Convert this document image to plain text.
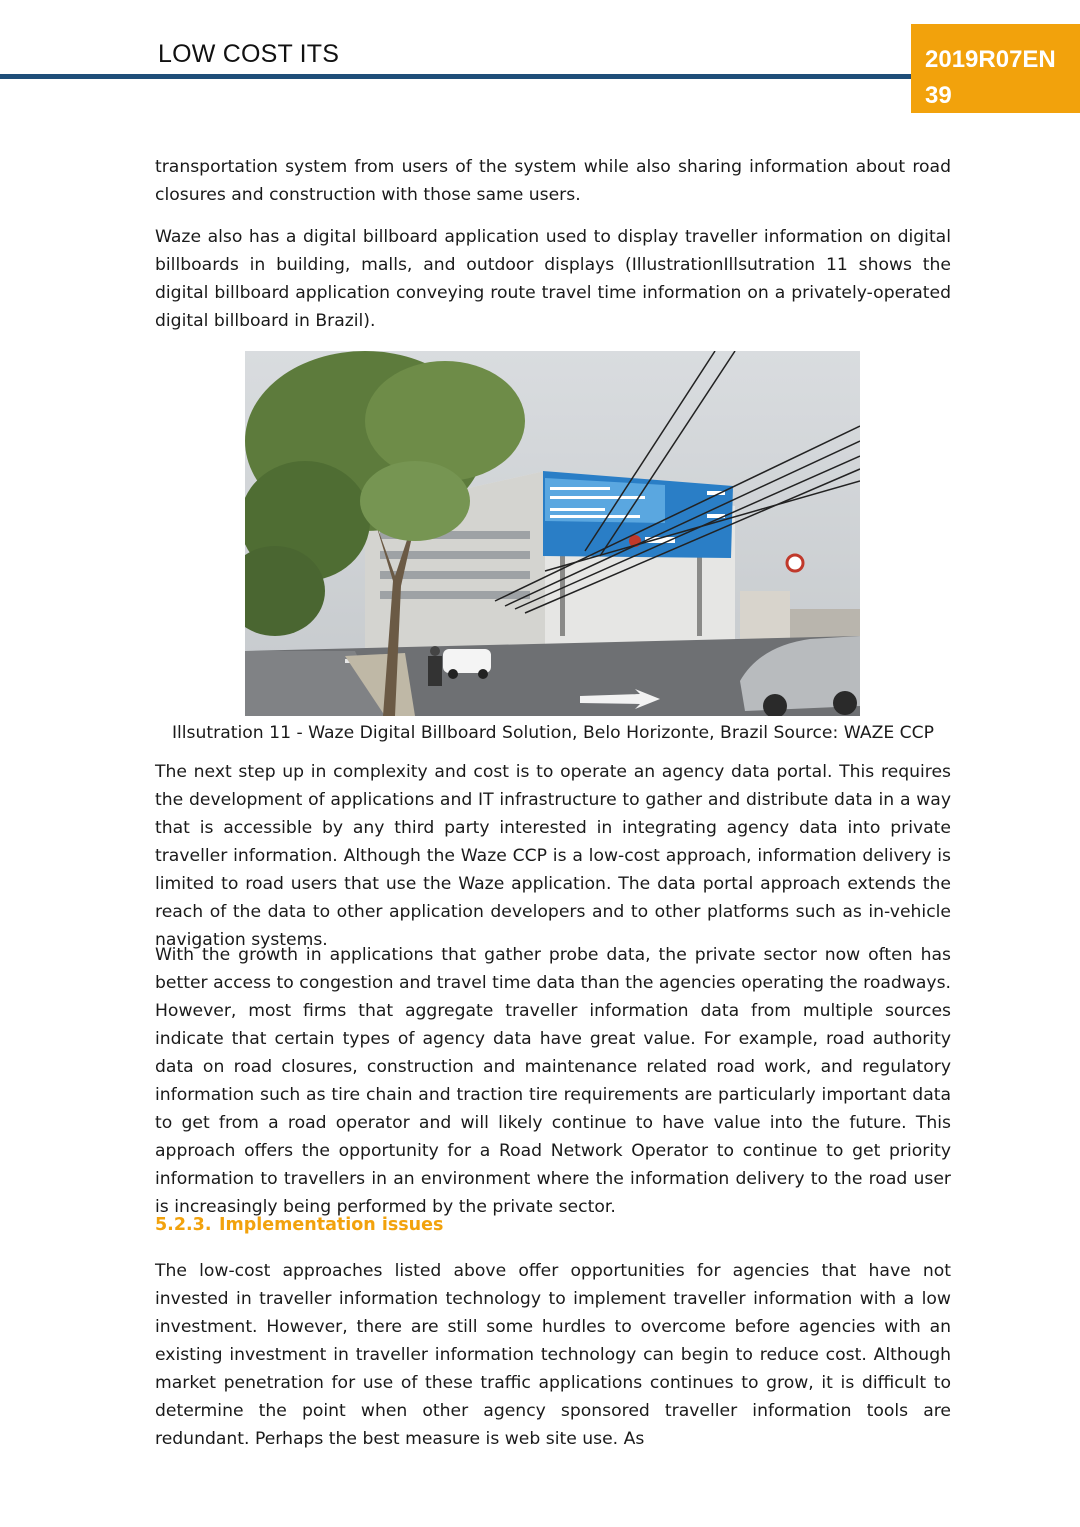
LOW COST ITS	2019R07EN
39

transportation system from users of the system while also sharing information about road closures and construction with those same users.

Waze also has a digital billboard application used to display traveller information on digital billboards in building, malls, and outdoor displays (IllustrationIllsutration 11 shows the digital billboard application conveying route travel time information on a privately-operated digital billboard in Brazil).

Illsutration 11 - Waze Digital Billboard Solution, Belo Horizonte, Brazil Source: WAZE CCP

The next step up in complexity and cost is to operate an agency data portal. This requires the development of applications and IT infrastructure to gather and distribute data in a way that is accessible by any third party interested in integrating agency data into private traveller information. Although the Waze CCP is a low-cost approach, information delivery is limited to road users that use the Waze application. The data portal approach extends the reach of the data to other application developers and to other platforms such as in-vehicle navigation systems.

With the growth in applications that gather probe data, the private sector now often has better access to congestion and travel time data than the agencies operating the roadways. However, most firms that aggregate traveller information data from multiple sources indicate that certain types of agency data have great value. For example, road authority data on road closures, construction and maintenance related road work, and regulatory information such as tire chain and traction tire requirements are particularly important data to get from a road operator and will likely continue to have value into the future. This approach offers the opportunity for a Road Network Operator to continue to get priority information to travellers in an environment where the information delivery to the road user is increasingly being performed by the private sector.

5.2.3. Implementation issues

The low-cost approaches listed above offer opportunities for agencies that have not invested in traveller information technology to implement traveller information with a low investment. However, there are still some hurdles to overcome before agencies with an existing investment in traveller information technology can begin to reduce cost. Although market penetration for use of these traffic applications continues to grow, it is difficult to determine the point when other agency sponsored traveller information tools are redundant. Perhaps the best measure is web site use. As
